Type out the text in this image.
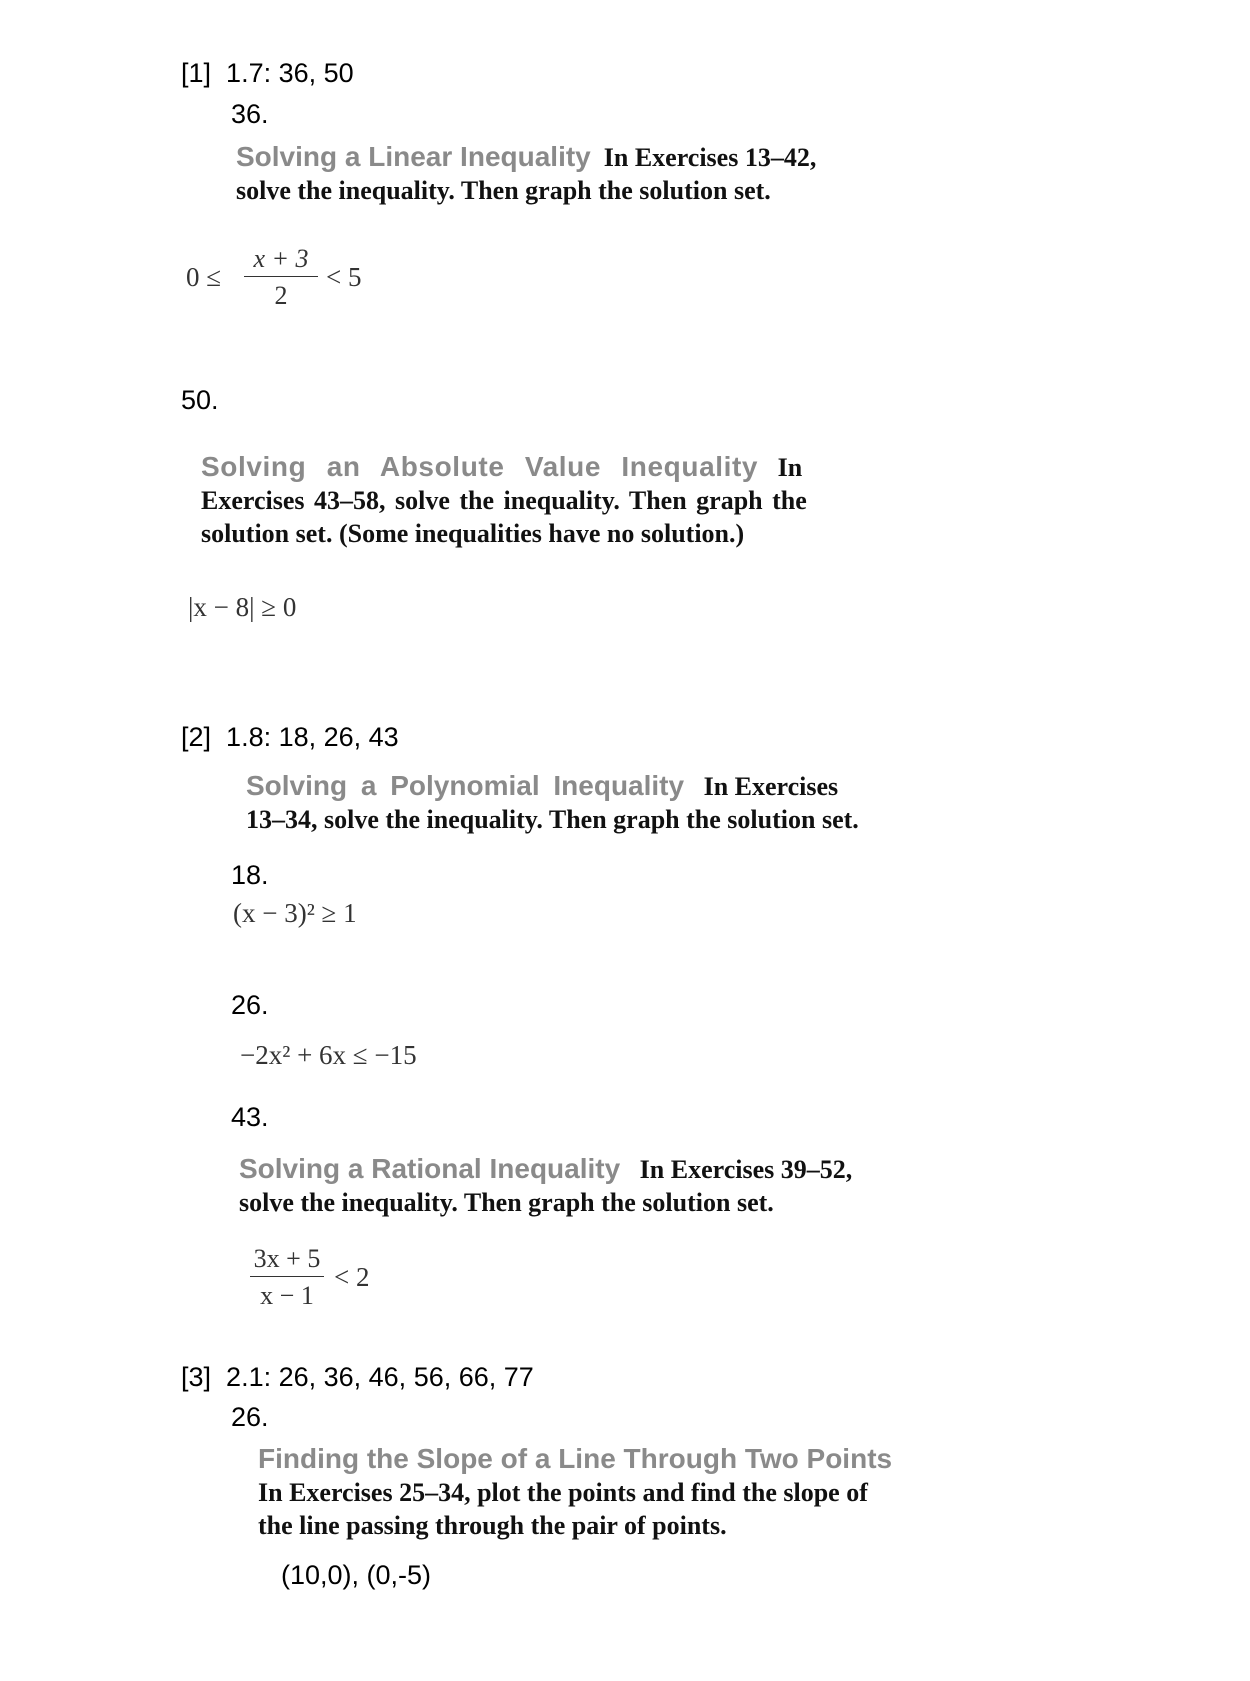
[1] 1.7: 36, 50
36.
Solving a Linear Inequality In Exercises 13–42,
solve the inequality. Then graph the solution set.
0 ≤
x + 3
2
< 5
50.
Solving an Absolute Value Inequality In
Exercises 43–58, solve the inequality. Then graph the
solution set. (Some inequalities have no solution.)
|x − 8| ≥ 0
[2] 1.8: 18, 26, 43
Solving a Polynomial Inequality In Exercises
13–34, solve the inequality. Then graph the solution set.
18.
(x − 3)² ≥ 1
26.
−2x² + 6x ≤ −15
43.
Solving a Rational Inequality In Exercises 39–52,
solve the inequality. Then graph the solution set.
3x + 5
x − 1
< 2
[3] 2.1: 26, 36, 46, 56, 66, 77
26.
Finding the Slope of a Line Through Two Points
In Exercises 25–34, plot the points and find the slope of
the line passing through the pair of points.
(10,0), (0,-5)
